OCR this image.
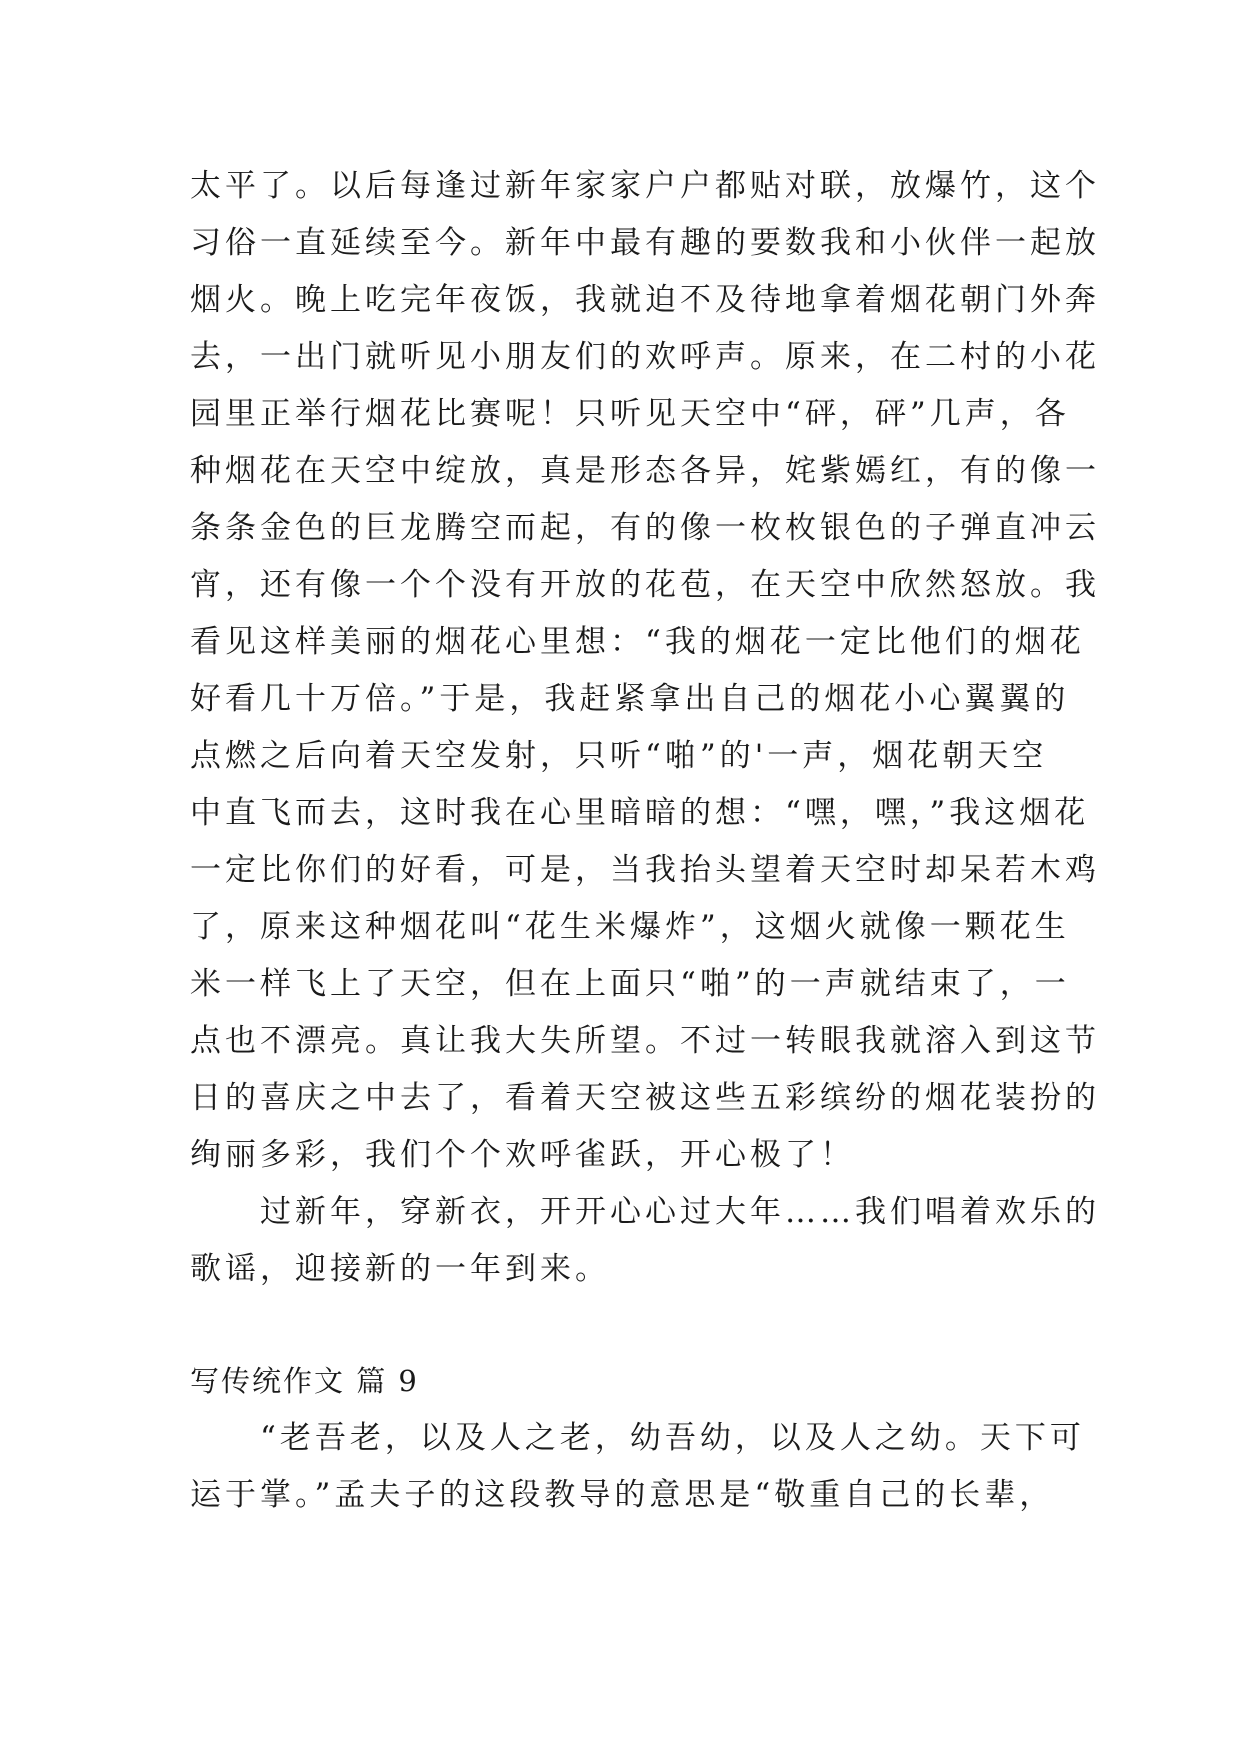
太平了。以后每逢过新年家家户户都贴对联，放爆竹，这个
习俗一直延续至今。新年中最有趣的要数我和小伙伴一起放
烟火。晚上吃完年夜饭，我就迫不及待地拿着烟花朝门外奔
去，一出门就听见小朋友们的欢呼声。原来，在二村的小花
园里正举行烟花比赛呢！只听见天空中“砰，砰”几声，各
种烟花在天空中绽放，真是形态各异，姹紫嫣红，有的像一
条条金色的巨龙腾空而起，有的像一枚枚银色的子弹直冲云
宵，还有像一个个没有开放的花苞，在天空中欣然怒放。我
看见这样美丽的烟花心里想：“我的烟花一定比他们的烟花
好看几十万倍。”于是，我赶紧拿出自己的烟花小心翼翼的
点燃之后向着天空发射，只听“啪”的'一声，烟花朝天空
中直飞而去，这时我在心里暗暗的想：“嘿，嘿，”我这烟花
一定比你们的好看，可是，当我抬头望着天空时却呆若木鸡
了，原来这种烟花叫“花生米爆炸”，这烟火就像一颗花生
米一样飞上了天空，但在上面只“啪”的一声就结束了，一
点也不漂亮。真让我大失所望。不过一转眼我就溶入到这节
日的喜庆之中去了，看着天空被这些五彩缤纷的烟花装扮的
绚丽多彩，我们个个欢呼雀跃，开心极了！
　　过新年，穿新衣，开开心心过大年……我们唱着欢乐的
歌谣，迎接新的一年到来。
写传统作文 篇 9
　　“老吾老，以及人之老，幼吾幼，以及人之幼。天下可
运于掌。”孟夫子的这段教导的意思是“敬重自己的长辈，
